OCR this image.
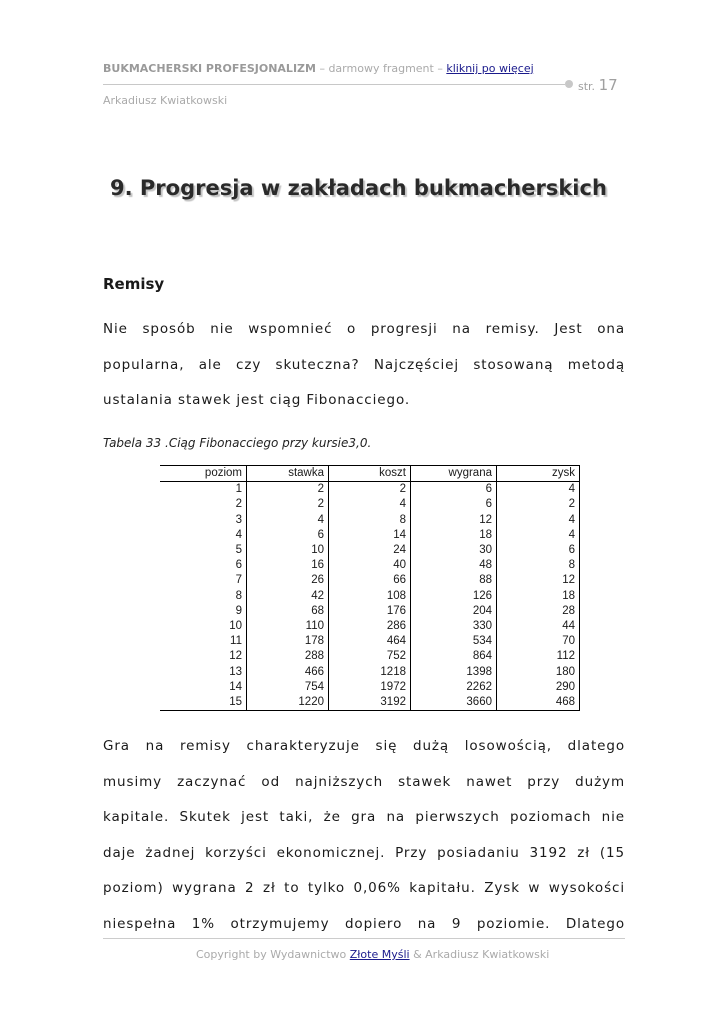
BUKMACHERSKI PROFESJONALIZM – darmowy fragment – kliknij po więcej
str. 17
Arkadiusz Kwiatkowski
9. Progresja w zakładach bukmacherskich
Remisy

Nie sposób nie wspomnieć o progresji na remisy. Jest ona
popularna, ale czy skuteczna? Najczęściej stosowaną metodą
ustalania stawek jest ciąg Fibonacciego.

Tabela 33 .Ciąg Fibonacciego przy kursie3,0.
poziom	stawka	koszt	wygrana	zysk
1	2	2	6	4
2	2	4	6	2
3	4	8	12	4
4	6	14	18	4
5	10	24	30	6
6	16	40	48	8
7	26	66	88	12
8	42	108	126	18
9	68	176	204	28
10	110	286	330	44
11	178	464	534	70
12	288	752	864	112
13	466	1218	1398	180
14	754	1972	2262	290
15	1220	3192	3660	468

Gra na remisy charakteryzuje się dużą losowością, dlatego
musimy zaczynać od najniższych stawek nawet przy dużym
kapitale. Skutek jest taki, że gra na pierwszych poziomach nie
daje żadnej korzyści ekonomicznej. Przy posiadaniu 3192 zł (15
poziom) wygrana 2 zł to tylko 0,06% kapitału. Zysk w wysokości
niespełna 1% otrzymujemy dopiero na 9 poziomie. Dlatego

Copyright by Wydawnictwo Złote Myśli & Arkadiusz Kwiatkowski
